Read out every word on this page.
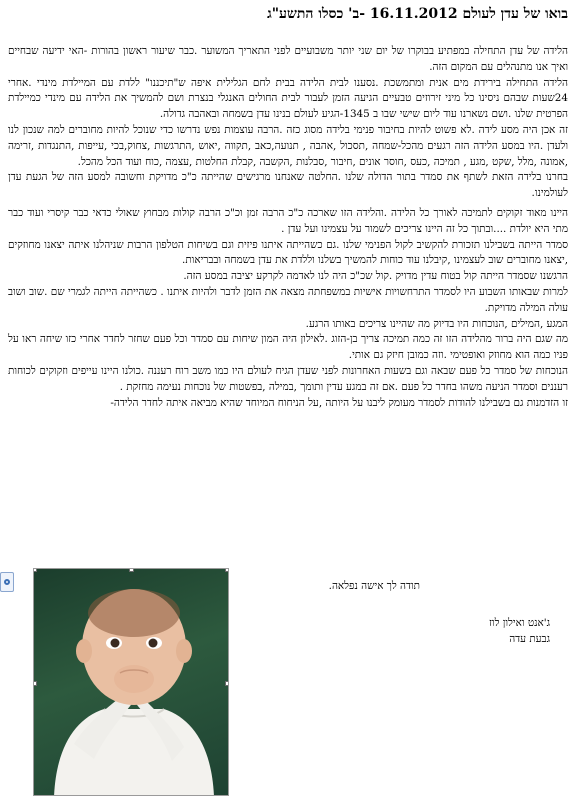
בואו של עדן לעולם 16.11.2012 -ב' כסלו התשע"ג

הלידה של עדן התחילה במפתיע בבוקרו של יום שני יותר משבועיים לפני התאריך המשוער .כבר שיעור ראשון בהורות -האי ידיעה שבחיים ואיך אנו מתנהלים עם המקום הזה.

הלידה התחילה בירידת מים אנית ומתמשכת .נסענו לבית הלידה בבית לחם הגלילית איפה ש"תיכננו" ללדת עם המיילדת מינדי .אחרי 24שעות שבהם ניסינו כל מיני זירוזים טבעיים הגיעה הזמן לעבור לבית החולים האנגלי בנצרת ושם להמשיך את הלידה עם מינדי כמיילדת הפרטית שלנו .ושם נשארנו עוד ליום שישי שבו ב 1345-הגיע לעולם בנינו עדן בשמחה ובאהבה גדולה.

זה אכן היה מסע לידה .לא פשוט להיות בחיבור פנימי בלידה מסוג כזה .הרבה עוצמות נפש נדרשו כדי שנוכל להיות מחוברים למה שנכון לנו ולעדן .היו במסע הלידה הזה רגעים מהכל-שמחה ,תסכול ,אהבה , תנועה,כאב ,תקווה ,יאוש ,התרגשות ,צחוק,בכי ,עייפות ,התנגדות ,זרימה ,אמונה ,מלל ,שקט ,מגע , תמיכה ,כעס ,חוסר אונים ,חיבור ,סבלנות ,הקשבה ,קבלת החלטות ,עצמה ,כוח ועוד הכל מהכל.

בחרנו בלידה הזאת לשתף את סמדר בתור הדולה שלנו .החלטה שאנחנו מרגישים שהייתה כ"כ מדויקת וחשובה למסע הזה של הגעת עדן לעולמינו.

היינו מאוד זקוקים לתמיכה לאורך כל הלידה .והלידה הזו שארכה כ"כ הרבה זמן וכ"כ הרבה קולות מבחוץ שאולי כדאי כבר קיסרי ועוד כבר מתי היא יולדת ....ובתוך כל זה היינו צריכים לשמור על עצמינו ועל עדן .

סמדר הייתה בשבילנו תזכורת להקשיב לקול הפנימי שלנו .גם כשהייתה איתנו פיזית וגם בשיחות הטלפון הרבות שניהלנו איתה יצאנו מחוזקים ,יצאנו מחוברים שוב לעצמינו ,קיבלנו עוד כוחות להמשיך בשלנו וללדת את עדן בשמחה ובבריאות.

הרגשנו שסמדר הייתה קול בטוח עדין מדויק .קול שכ"כ היה לנו לאדמה לקרקע יציבה במסע הזה.

למרות שבאותו השבוע היו לסמדר התרחשויות אישיות במשפחתה מצאה את הזמן לדבר ולהיות איתנו . כשהייתה הייתה לגמרי שם .שוב ושוב עולה המילה מדויקת.

המגע ,המילים ,הנוכחות היו בדיוק מה שהיינו צריכים באותו הרגע.

מה שגם היה ברור מהלידה הזו זה כמה תמיכה צריך בן-הזוג .לאילון היה המון שיחות עם סמדר וכל פעם שחזר לחדר אחרי כזו שיחה ראו על פניו כמה הוא מחוזק ואופטימי .וזה כמובן חיזק גם אותי.

הנוכחות של סמדר כל פעם שבאה וגם בשעות האחרונות לפני שעדן הגיח לעולם היו כמו משב רוח רעננה .כולנו היינו עייפים וזקוקים לכוחות רעננים וסמדר הניעה משהו בחדר כל פעם .אם זה במגע עדין ותומך ,במילה ,בפשטות של נוכחות נעימה מחזקת .

זו הזדמנות גם בשבילנו להודות לסמדר מעומק ליבנו על היותה ,על הניחוח המיוחד שהיא מביאה איתה לחדר הלידה-

תודה לך אישה נפלאה.
ג'אנט ואילון לוז
גבעת עדה
